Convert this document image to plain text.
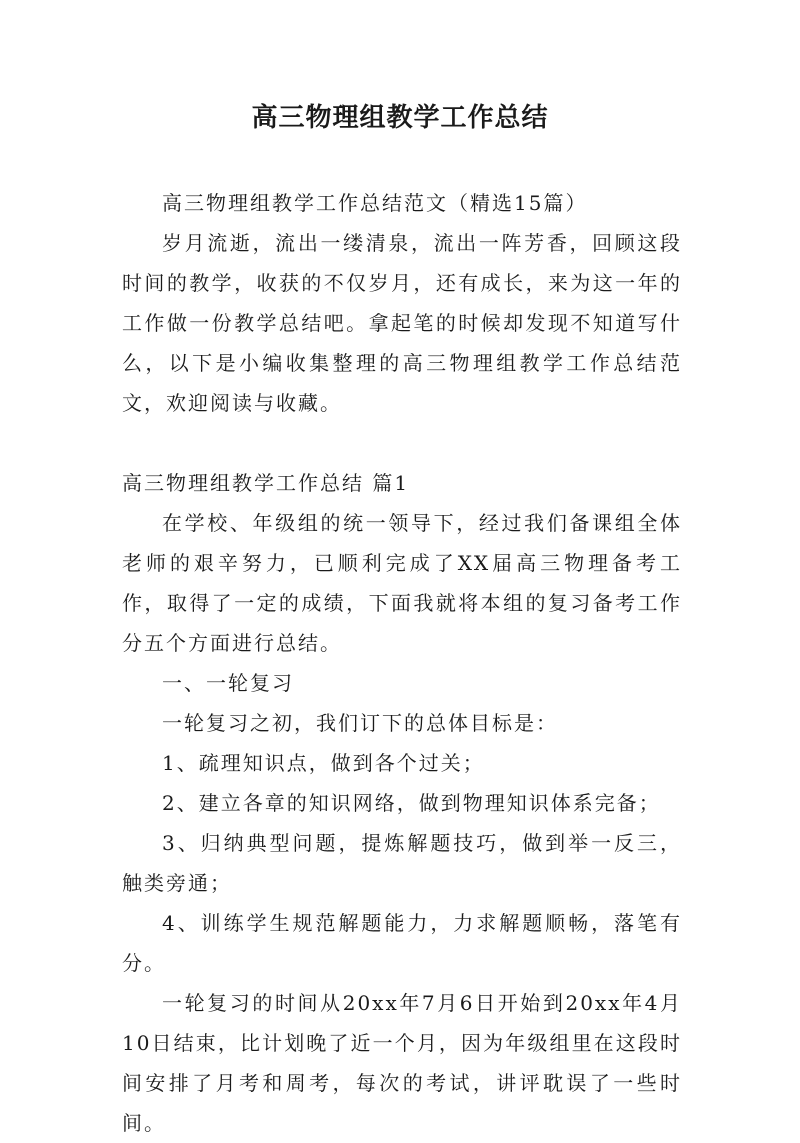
高三物理组教学工作总结

高三物理组教学工作总结范文（精选15篇）

岁月流逝，流出一缕清泉，流出一阵芳香，回顾这段时间的教学，收获的不仅岁月，还有成长，来为这一年的工作做一份教学总结吧。拿起笔的时候却发现不知道写什么，以下是小编收集整理的高三物理组教学工作总结范文，欢迎阅读与收藏。

高三物理组教学工作总结 篇1

在学校、年级组的统一领导下，经过我们备课组全体老师的艰辛努力，已顺利完成了XX届高三物理备考工作，取得了一定的成绩，下面我就将本组的复习备考工作分五个方面进行总结。

一、一轮复习

一轮复习之初，我们订下的总体目标是：

1、疏理知识点，做到各个过关；

2、建立各章的知识网络，做到物理知识体系完备；

3、归纳典型问题，提炼解题技巧，做到举一反三，触类旁通；

4、训练学生规范解题能力，力求解题顺畅，落笔有分。

一轮复习的时间从20xx年7月6日开始到20xx年4月10日结束，比计划晚了近一个月，因为年级组里在这段时间安排了月考和周考，每次的考试，讲评耽误了一些时间。
